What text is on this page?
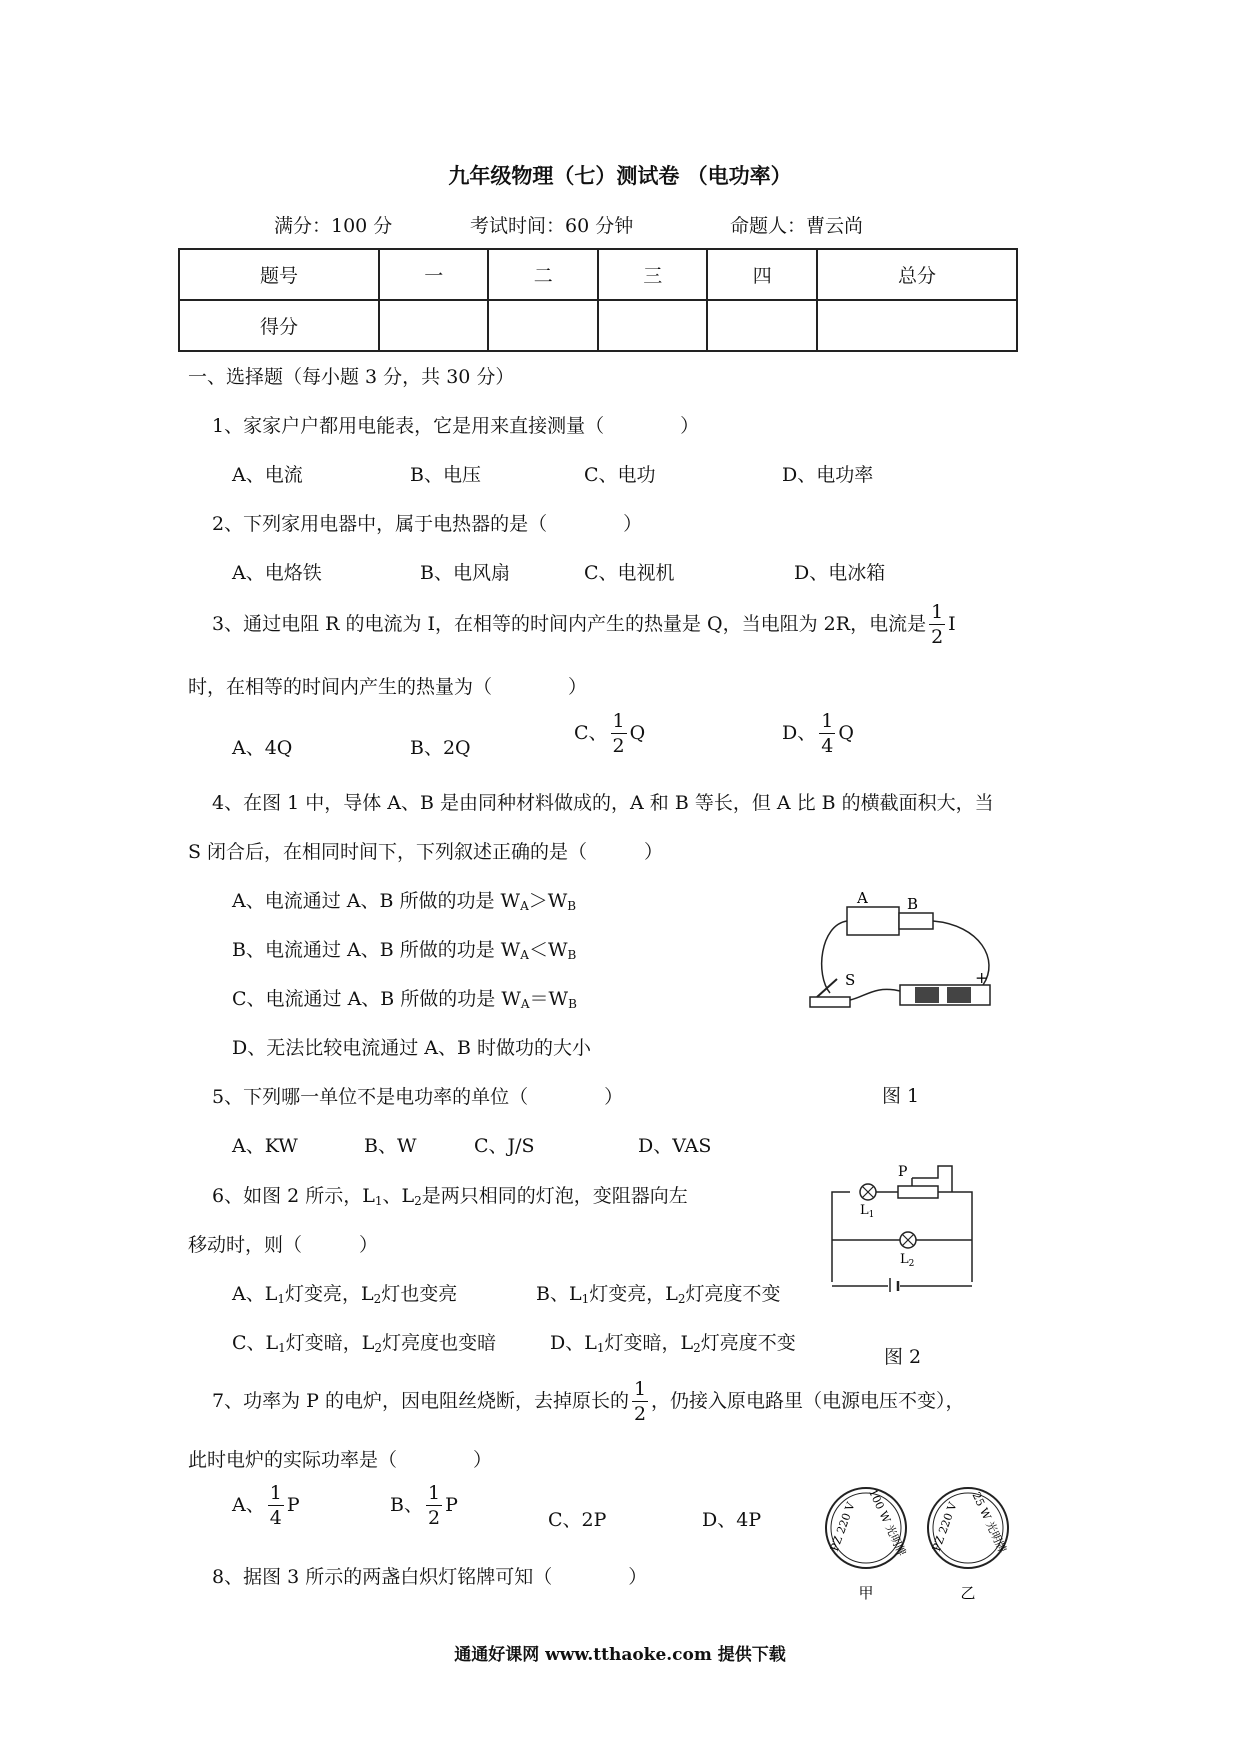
九年级物理（七）测试卷 （电功率）
满分：100 分	考试时间：60 分钟	命题人：曹云尚
题号	一	二	三	四	总分
得分					
一、选择题（每小题 3 分，共 30 分）
1、家家户户都用电能表，它是用来直接测量（　　　　）
A、电流	B、电压	C、电功	D、电功率
2、下列家用电器中，属于电热器的是（　　　　）
A、电烙铁	B、电风扇	C、电视机	D、电冰箱
3、通过电阻 R 的电流为 I，在相等的时间内产生的热量是 Q，当电阻为 2R，电流是 $\frac{1}{2}$ I
时，在相等的时间内产生的热量为（　　　　）
A、4Q	B、2Q
C、 $\frac{1}{2}$ Q	D、 $\frac{1}{4}$ Q
4、在图 1 中，导体 A、B 是由同种材料做成的，A 和 B 等长，但 A 比 B 的横截面积大，当
S 闭合后，在相同时间下，下列叙述正确的是（　　　）
A、电流通过 A、B 所做的功是 $W_A>W_B$
B、电流通过 A、B 所做的功是 $W_A<W_B$
C、电流通过 A、B 所做的功是 $W_A=W_B$
D、无法比较电流通过 A、B 时做功的大小
A	B
S	+
图 1
5、下列哪一单位不是电功率的单位（　　　　）
A、KW	B、W	C、J/S	D、VAS
6、如图 2 所示，$L_1$、$L_2$是两只相同的灯泡，变阻器向左
移动时，则（　　　）
A、$L_1$灯变亮，$L_2$灯也变亮	B、$L_1$灯变亮，$L_2$灯亮度不变
C、$L_1$灯变暗，$L_2$灯亮度也变暗	D、$L_1$灯变暗，$L_2$灯亮度不变
$L_1$
P
$L_2$
图 2
7、功率为 P 的电炉，因电阻丝烧断，去掉原长的 $\frac{1}{2}$ ，仍接入原电路里（电源电压不变），
此时电炉的实际功率是（　　　　）
A、 $\frac{1}{4}$ P	B、 $\frac{1}{2}$ P
C、2P	D、4P
8、据图 3 所示的两盏白炽灯铭牌可知（　　　　）
PZ 220 V 100 W 光明牌 PZ 220 V 25 W 光明牌
甲	乙
通通好课网 www.tthaoke.com 提供下载
